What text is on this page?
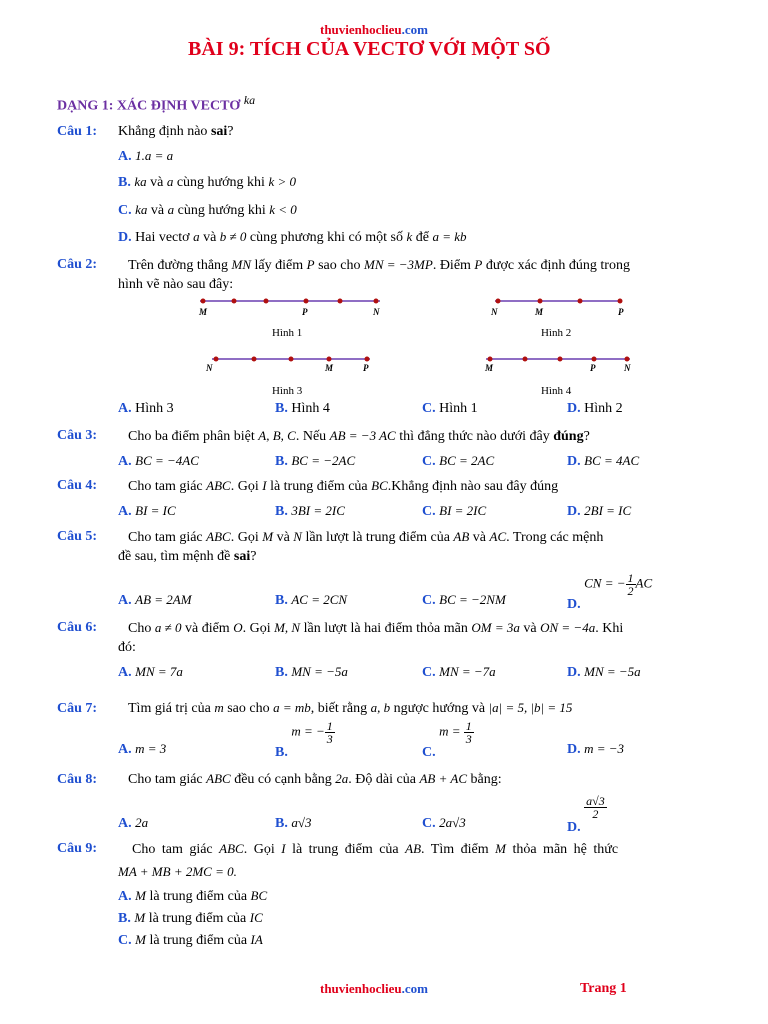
thuvienhoclieu.com
BÀI 9: TÍCH CỦA VECTƠ VỚI MỘT SỐ
DẠNG 1: XÁC ĐỊNH VECTƠ ka
Câu 1: Khẳng định nào sai?
A. 1.a = a
B. ka và a cùng hướng khi k > 0
C. ka và a cùng hướng khi k < 0
D. Hai vectơ a và b ≠ 0 cùng phương khi có một số k để a = kb
Câu 2: Trên đường thẳng MN lấy điểm P sao cho MN = −3MP. Điểm P được xác định đúng trong
hình vẽ nào sau đây:
M	P	N
Hình 1
N	M	P
Hình 2
N	M	P
Hình 3
M	P	N
Hình 4
A. Hình 3	B. Hình 4	C. Hình 1	D. Hình 2
Câu 3: Cho ba điểm phân biệt A, B, C. Nếu AB = −3 AC thì đẳng thức nào dưới đây đúng?
A. BC = −4AC	B. BC = −2AC	C. BC = 2AC	D. BC = 4AC
Câu 4: Cho tam giác ABC. Gọi I là trung điểm của BC.Khẳng định nào sau đây đúng
A. BI = IC	B. 3BI = 2IC	C. BI = 2IC	D. 2BI = IC
Câu 5: Cho tam giác ABC. Gọi M và N lần lượt là trung điểm của AB và AC. Trong các mệnh
đề sau, tìm mệnh đề sai?
A. AB = 2AM	B. AC = 2CN	C. BC = −2NM	D. CN = − $\frac{1}{2}$ AC
Câu 6: Cho a ≠ 0 và điểm O. Gọi M, N lần lượt là hai điểm thỏa mãn OM = 3a và ON = −4a. Khi
đó:
A. MN = 7a	B. MN = −5a	C. MN = −7a	D. MN = −5a
Câu 7: Tìm giá trị của m sao cho a = mb, biết rằng a, b ngược hướng và |a| = 5, |b| = 15
A. m = 3	B. m = − $\frac{1}{3}$
C. $m = \frac{1}{3}$
D. m = −3
Câu 8: Cho tam giác ABC đều có cạnh bằng 2a. Độ dài của AB + AC bằng:
A. 2a	B. a√3	C. 2a√3	D.
$\frac{a√3}{2}$
Câu 9: Cho tam giác ABC. Gọi I là trung điểm của AB. Tìm điểm M thỏa mãn hệ thức
MA + MB + 2MC = 0.
A. M là trung điểm của BC
B. M là trung điểm của IC
C. M là trung điểm của IA
thuvienhoclieu.com	Trang 1
